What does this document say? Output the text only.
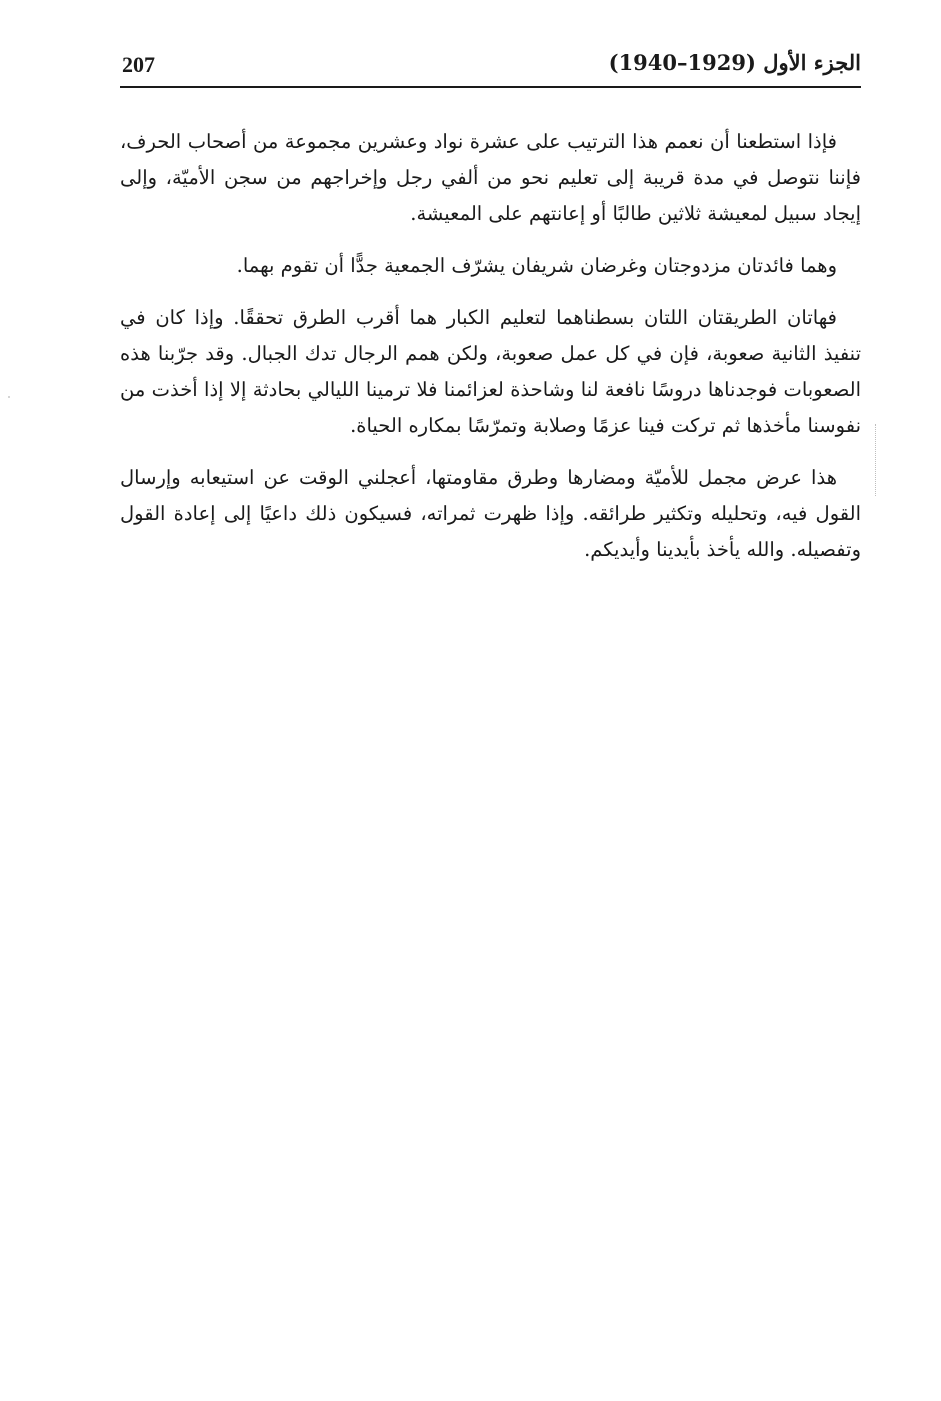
207	الجزء الأول (1929–1940)

فإذا استطعنا أن نعمم هذا الترتيب على عشرة نواد وعشرين مجموعة من أصحاب الحرف، فإننا نتوصل في مدة قريبة إلى تعليم نحو من ألفي رجل وإخراجهم من سجن الأميّة، وإلى إيجاد سبيل لمعيشة ثلاثين طالبًا أو إعانتهم على المعيشة.

وهما فائدتان مزدوجتان وغرضان شريفان يشرّف الجمعية جدًّا أن تقوم بهما.

فهاتان الطريقتان اللتان بسطناهما لتعليم الكبار هما أقرب الطرق تحققًا. وإذا كان في تنفيذ الثانية صعوبة، فإن في كل عمل صعوبة، ولكن همم الرجال تدك الجبال. وقد جرّبنا هذه الصعوبات فوجدناها دروسًا نافعة لنا وشاحذة لعزائمنا فلا ترمينا الليالي بحادثة إلا إذا أخذت من نفوسنا مأخذها ثم تركت فينا عزمًا وصلابة وتمرّسًا بمكاره الحياة.

هذا عرض مجمل للأميّة ومضارها وطرق مقاومتها، أعجلني الوقت عن استيعابه وإرسال القول فيه، وتحليله وتكثير طرائقه. وإذا ظهرت ثمراته، فسيكون ذلك داعيًا إلى إعادة القول وتفصيله. والله يأخذ بأيدينا وأيديكم.
